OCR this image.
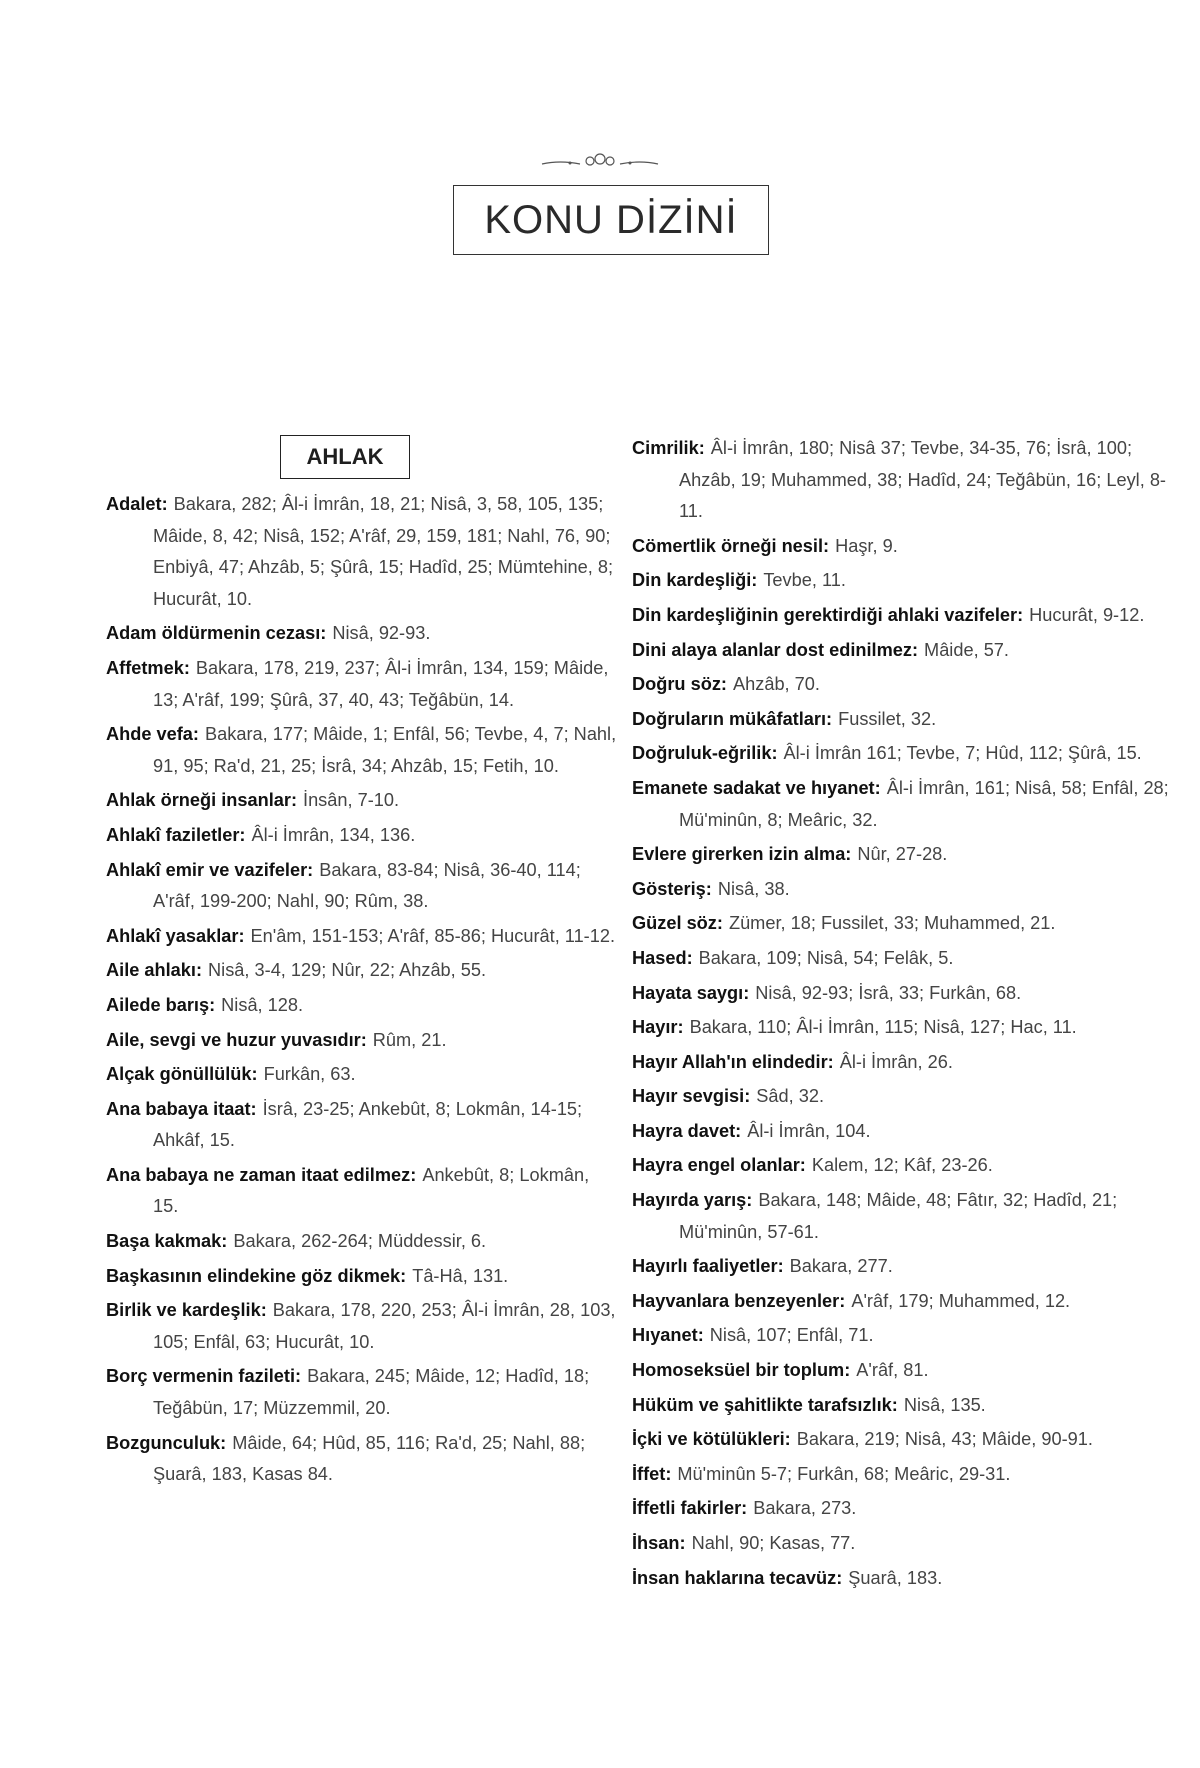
KONU DİZİNİ
AHLAK
Adalet: Bakara, 282; Âl-i İmrân, 18, 21; Nisâ, 3, 58, 105, 135; Mâide, 8, 42; Nisâ, 152; A'râf, 29, 159, 181; Nahl, 76, 90; Enbiyâ, 47; Ahzâb, 5; Şûrâ, 15; Hadîd, 25; Mümtehine, 8; Hucurât, 10.
Adam öldürmenin cezası: Nisâ, 92-93.
Affetmek: Bakara, 178, 219, 237; Âl-i İmrân, 134, 159; Mâide, 13; A'râf, 199; Şûrâ, 37, 40, 43; Teğâbün, 14.
Ahde vefa: Bakara, 177; Mâide, 1; Enfâl, 56; Tevbe, 4, 7; Nahl, 91, 95; Ra'd, 21, 25; İsrâ, 34; Ahzâb, 15; Fetih, 10.
Ahlak örneği insanlar: İnsân, 7-10.
Ahlakî faziletler: Âl-i İmrân, 134, 136.
Ahlakî emir ve vazifeler: Bakara, 83-84; Nisâ, 36-40, 114; A'râf, 199-200; Nahl, 90; Rûm, 38.
Ahlakî yasaklar: En'âm, 151-153; A'râf, 85-86; Hucurât, 11-12.
Aile ahlakı: Nisâ, 3-4, 129; Nûr, 22; Ahzâb, 55.
Ailede barış: Nisâ, 128.
Aile, sevgi ve huzur yuvasıdır: Rûm, 21.
Alçak gönüllülük: Furkân, 63.
Ana babaya itaat: İsrâ, 23-25; Ankebût, 8; Lokmân, 14-15; Ahkâf, 15.
Ana babaya ne zaman itaat edilmez: Ankebût, 8; Lokmân, 15.
Başa kakmak: Bakara, 262-264; Müddessir, 6.
Başkasının elindekine göz dikmek: Tâ-Hâ, 131.
Birlik ve kardeşlik: Bakara, 178, 220, 253; Âl-i İmrân, 28, 103, 105; Enfâl, 63; Hucurât, 10.
Borç vermenin fazileti: Bakara, 245; Mâide, 12; Hadîd, 18; Teğâbün, 17; Müzzemmil, 20.
Bozgunculuk: Mâide, 64; Hûd, 85, 116; Ra'd, 25; Nahl, 88; Şuarâ, 183, Kasas 84.
Cimrilik: Âl-i İmrân, 180; Nisâ 37; Tevbe, 34-35, 76; İsrâ, 100; Ahzâb, 19; Muhammed, 38; Hadîd, 24; Teğâbün, 16; Leyl, 8-11.
Cömertlik örneği nesil: Haşr, 9.
Din kardeşliği: Tevbe, 11.
Din kardeşliğinin gerektirdiği ahlaki vazifeler: Hucurât, 9-12.
Dini alaya alanlar dost edinilmez: Mâide, 57.
Doğru söz: Ahzâb, 70.
Doğruların mükâfatları: Fussilet, 32.
Doğruluk-eğrilik: Âl-i İmrân 161; Tevbe, 7; Hûd, 112; Şûrâ, 15.
Emanete sadakat ve hıyanet: Âl-i İmrân, 161; Nisâ, 58; Enfâl, 28; Mü'minûn, 8; Meâric, 32.
Evlere girerken izin alma: Nûr, 27-28.
Gösteriş: Nisâ, 38.
Güzel söz: Zümer, 18; Fussilet, 33; Muhammed, 21.
Hased: Bakara, 109; Nisâ, 54; Felâk, 5.
Hayata saygı: Nisâ, 92-93; İsrâ, 33; Furkân, 68.
Hayır: Bakara, 110; Âl-i İmrân, 115; Nisâ, 127; Hac, 11.
Hayır Allah'ın elindedir: Âl-i İmrân, 26.
Hayır sevgisi: Sâd, 32.
Hayra davet: Âl-i İmrân, 104.
Hayra engel olanlar: Kalem, 12; Kâf, 23-26.
Hayırda yarış: Bakara, 148; Mâide, 48; Fâtır, 32; Hadîd, 21; Mü'minûn, 57-61.
Hayırlı faaliyetler: Bakara, 277.
Hayvanlara benzeyenler: A'râf, 179; Muhammed, 12.
Hıyanet: Nisâ, 107; Enfâl, 71.
Homoseksüel bir toplum: A'râf, 81.
Hüküm ve şahitlikte tarafsızlık: Nisâ, 135.
İçki ve kötülükleri: Bakara, 219; Nisâ, 43; Mâide, 90-91.
İffet: Mü'minûn 5-7; Furkân, 68; Meâric, 29-31.
İffetli fakirler: Bakara, 273.
İhsan: Nahl, 90; Kasas, 77.
İnsan haklarına tecavüz: Şuarâ, 183.
